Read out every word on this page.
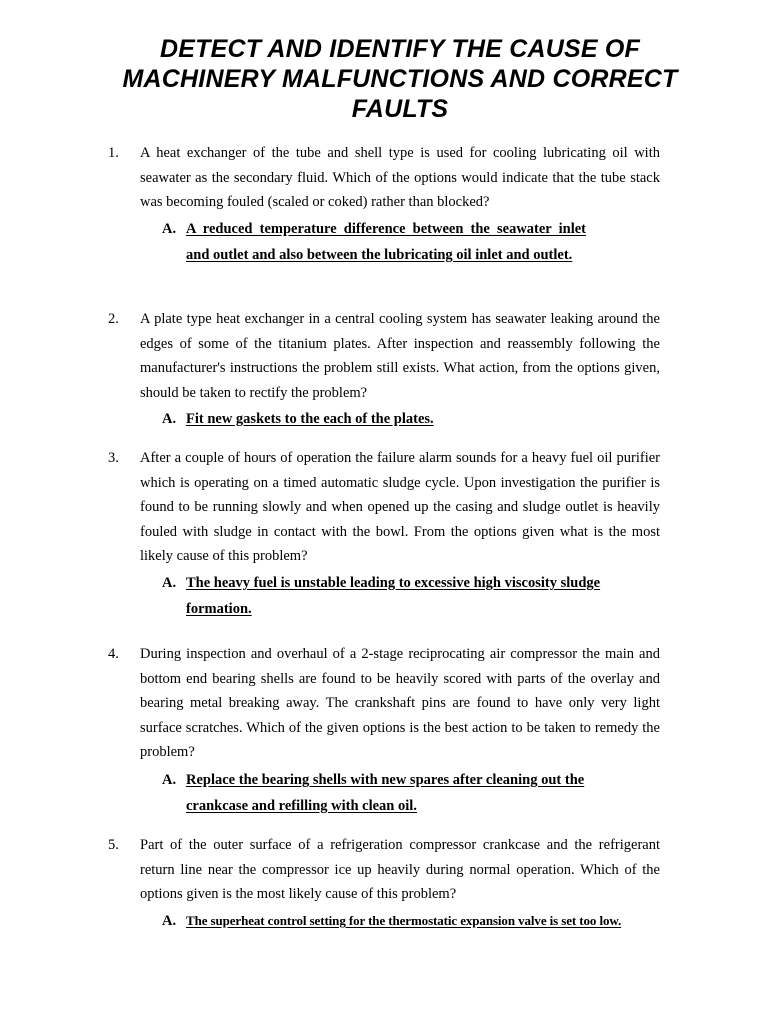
DETECT AND IDENTIFY THE CAUSE OF MACHINERY MALFUNCTIONS AND CORRECT FAULTS
1. A heat exchanger of the tube and shell type is used for cooling lubricating oil with seawater as the secondary fluid. Which of the options would indicate that the tube stack was becoming fouled (scaled or coked) rather than blocked?
A. A reduced temperature difference between the seawater inlet and outlet and also between the lubricating oil inlet and outlet.
2. A plate type heat exchanger in a central cooling system has seawater leaking around the edges of some of the titanium plates. After inspection and reassembly following the manufacturer's instructions the problem still exists. What action, from the options given, should be taken to rectify the problem?
A. Fit new gaskets to the each of the plates.
3. After a couple of hours of operation the failure alarm sounds for a heavy fuel oil purifier which is operating on a timed automatic sludge cycle. Upon investigation the purifier is found to be running slowly and when opened up the casing and sludge outlet is heavily fouled with sludge in contact with the bowl. From the options given what is the most likely cause of this problem?
A. The heavy fuel is unstable leading to excessive high viscosity sludge formation.
4. During inspection and overhaul of a 2-stage reciprocating air compressor the main and bottom end bearing shells are found to be heavily scored with parts of the overlay and bearing metal breaking away. The crankshaft pins are found to have only very light surface scratches. Which of the given options is the best action to be taken to remedy the problem?
A. Replace the bearing shells with new spares after cleaning out the crankcase and refilling with clean oil.
5. Part of the outer surface of a refrigeration compressor crankcase and the refrigerant return line near the compressor ice up heavily during normal operation. Which of the options given is the most likely cause of this problem?
A. The superheat control setting for the thermostatic expansion valve is set too low.
